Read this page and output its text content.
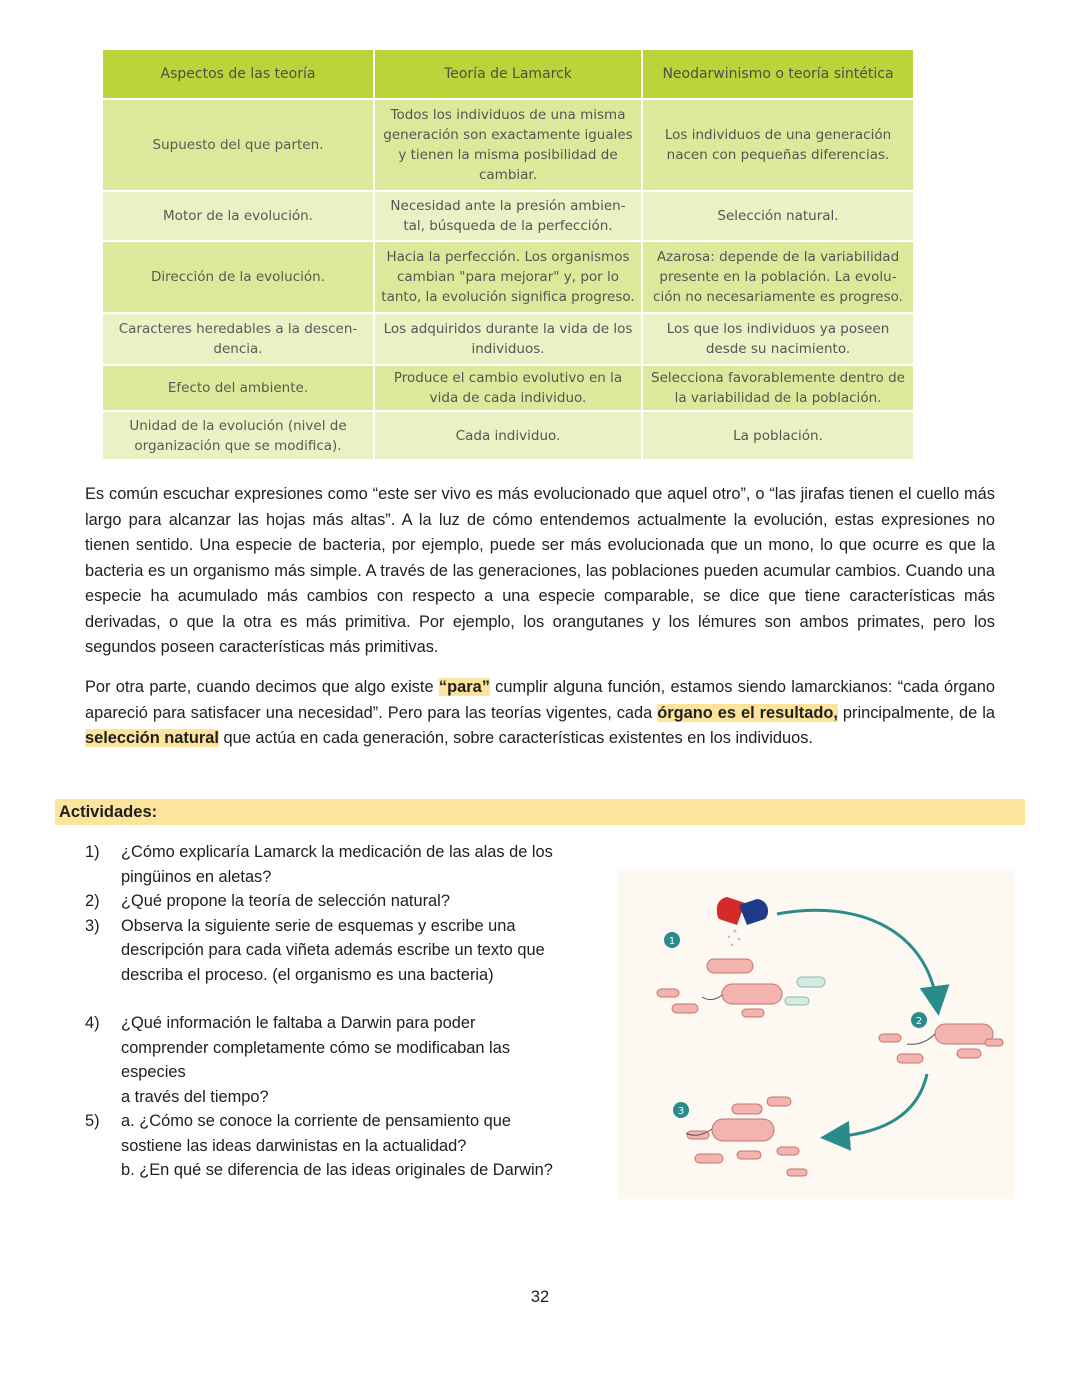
Aspectos de las teoría	Teoría de Lamarck	Neodarwinismo o teoría sintética
Supuesto del que parten.	Todos los individuos de una misma generación son exactamente iguales y tienen la misma posibilidad de cambiar.	Los individuos de una generación nacen con pequeñas diferencias.
Motor de la evolución.	Necesidad ante la presión ambien- tal, búsqueda de la perfección.	Selección natural.
Dirección de la evolución.	Hacia la perfección. Los organismos cambian "para mejorar" y, por lo tanto, la evolución significa progreso.	Azarosa: depende de la variabilidad presente en la población. La evolu- ción no necesariamente es progreso.
Caracteres heredables a la descen- dencia.	Los adquiridos durante la vida de los individuos.	Los que los individuos ya poseen desde su nacimiento.
Efecto del ambiente.	Produce el cambio evolutivo en la vida de cada individuo.	Selecciona favorablemente dentro de la variabilidad de la población.
Unidad de la evolución (nivel de organización que se modifica).	Cada individuo.	La población.

Es común escuchar expresiones como “este ser vivo es más evolucionado que aquel otro”, o “las jirafas tienen el cuello más largo para alcanzar las hojas más altas”. A la luz de cómo entendemos actualmente la evolución, estas expresiones no tienen sentido. Una especie de bacteria, por ejemplo, puede ser más evolucionada que un mono, lo que ocurre es que la bacteria es un organismo más simple. A través de las generaciones, las poblaciones pueden acumular cambios. Cuando una especie ha acumulado más cambios con respecto a una especie comparable, se dice que tiene características más derivadas, o que la otra es más primitiva. Por ejemplo, los orangutanes y los lémures son ambos primates, pero los segundos poseen características más primitivas.

Por otra parte, cuando decimos que algo existe “para” cumplir alguna función, estamos siendo lamarckianos: “cada órgano apareció para satisfacer una necesidad”. Pero para las teorías vigentes, cada órgano es el resultado, principalmente, de la selección natural que actúa en cada generación, sobre características existentes en los individuos.

Actividades:
1)	¿Cómo explicaría Lamarck la medicación de las alas de los
pingüinos en aletas?
2)	¿Qué propone la teoría de selección natural?
3)	Observa la siguiente serie de esquemas y escribe una
descripción para cada viñeta además escribe un texto que
describa el proceso. (el organismo es una bacteria)
4)	¿Qué información le faltaba a Darwin para poder
comprender completamente cómo se modificaban las
especies
a través del tiempo?
5)	a. ¿Cómo se conoce la corriente de pensamiento que
sostiene las ideas darwinistas en la actualidad?
b. ¿En qué se diferencia de las ideas originales de Darwin?
1
2
3
32
